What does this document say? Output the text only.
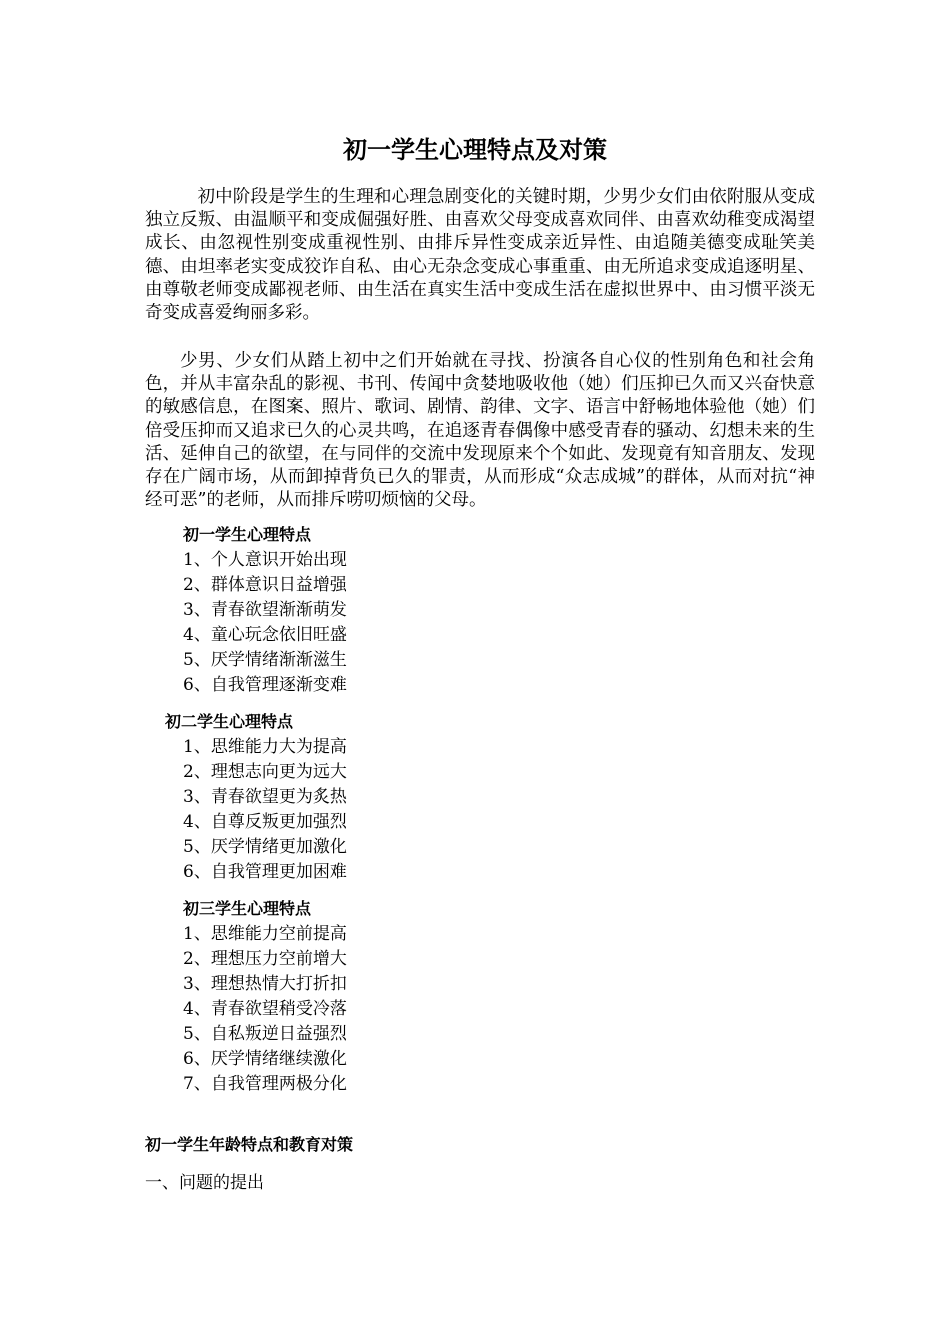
初一学生心理特点及对策

初中阶段是学生的生理和心理急剧变化的关键时期，少男少女们由依附服从变成独立反叛、由温顺平和变成倔强好胜、由喜欢父母变成喜欢同伴、由喜欢幼稚变成渴望成长、由忽视性别变成重视性别、由排斥异性变成亲近异性、由追随美德变成耻笑美德、由坦率老实变成狡诈自私、由心无杂念变成心事重重、由无所追求变成追逐明星、由尊敬老师变成鄙视老师、由生活在真实生活中变成生活在虚拟世界中、由习惯平淡无奇变成喜爱绚丽多彩。

少男、少女们从踏上初中之们开始就在寻找、扮演各自心仪的性别角色和社会角色，并从丰富杂乱的影视、书刊、传闻中贪婪地吸收他（她）们压抑已久而又兴奋快意的敏感信息，在图案、照片、歌词、剧情、韵律、文字、语言中舒畅地体验他（她）们倍受压抑而又追求已久的心灵共鸣，在追逐青春偶像中感受青春的骚动、幻想未来的生活、延伸自己的欲望，在与同伴的交流中发现原来个个如此、发现竟有知音朋友、发现存在广阔市场，从而卸掉背负已久的罪责，从而形成“众志成城”的群体，从而对抗“神经可恶”的老师，从而排斥唠叨烦恼的父母。

初一学生心理特点
1、个人意识开始出现
2、群体意识日益增强
3、青春欲望渐渐萌发
4、童心玩念依旧旺盛
5、厌学情绪渐渐滋生
6、自我管理逐渐变难
初二学生心理特点
1、思维能力大为提高
2、理想志向更为远大
3、青春欲望更为炙热
4、自尊反叛更加强烈
5、厌学情绪更加激化
6、自我管理更加困难
初三学生心理特点
1、思维能力空前提高
2、理想压力空前增大
3、理想热情大打折扣
4、青春欲望稍受冷落
5、自私叛逆日益强烈
6、厌学情绪继续激化
7、自我管理两极分化
初一学生年龄特点和教育对策
一、问题的提出
